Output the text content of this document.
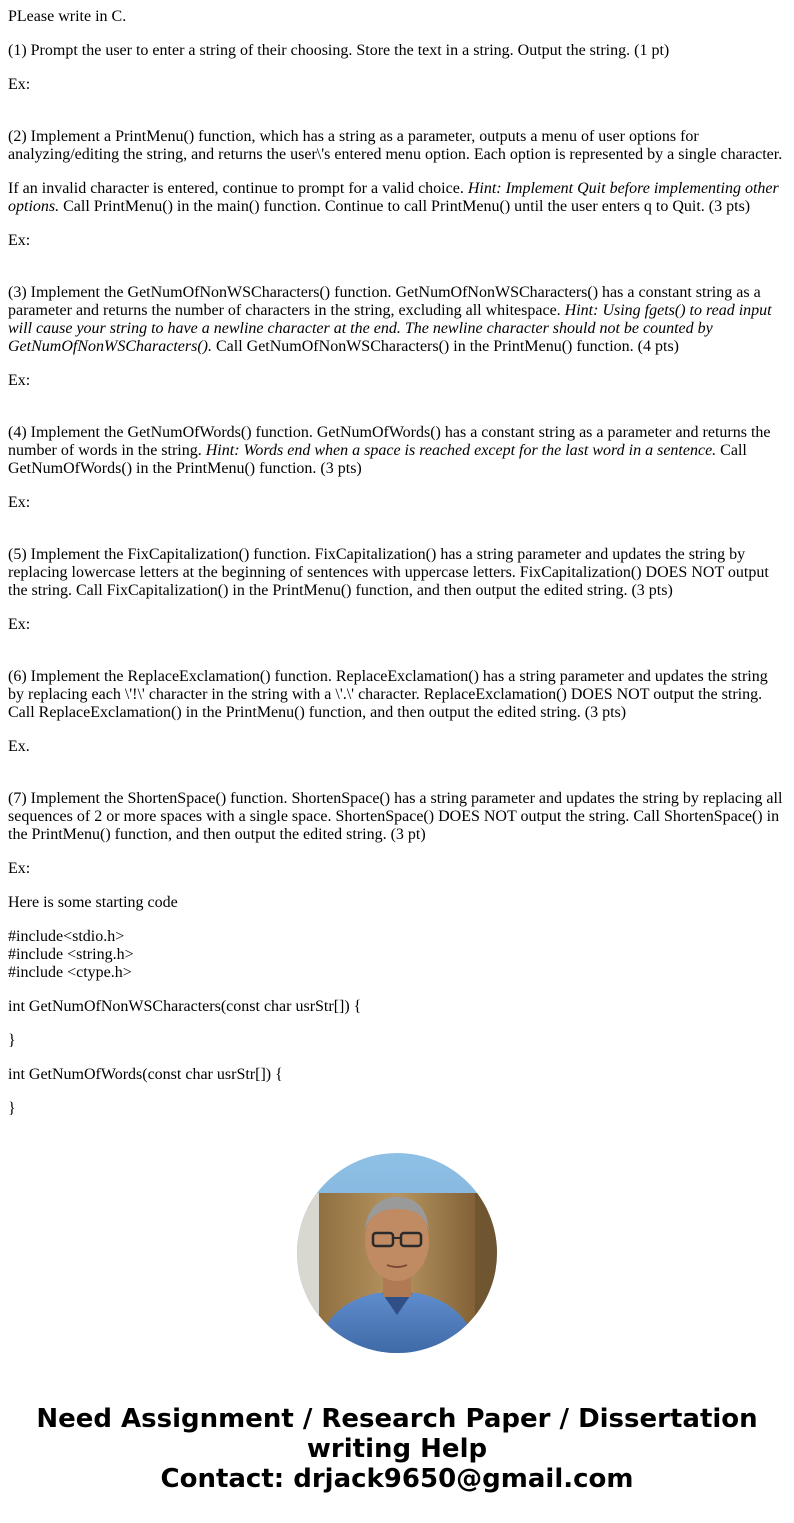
PLease write in C.

(1) Prompt the user to enter a string of their choosing. Store the text in a string. Output the string. (1 pt)

Ex:

(2) Implement a PrintMenu() function, which has a string as a parameter, outputs a menu of user options for analyzing/editing the string, and returns the user\'s entered menu option. Each option is represented by a single character.

If an invalid character is entered, continue to prompt for a valid choice. Hint: Implement Quit before implementing other options. Call PrintMenu() in the main() function. Continue to call PrintMenu() until the user enters q to Quit. (3 pts)

Ex:

(3) Implement the GetNumOfNonWSCharacters() function. GetNumOfNonWSCharacters() has a constant string as a parameter and returns the number of characters in the string, excluding all whitespace. Hint: Using fgets() to read input will cause your string to have a newline character at the end. The newline character should not be counted by GetNumOfNonWSCharacters(). Call GetNumOfNonWSCharacters() in the PrintMenu() function. (4 pts)

Ex:

(4) Implement the GetNumOfWords() function. GetNumOfWords() has a constant string as a parameter and returns the number of words in the string. Hint: Words end when a space is reached except for the last word in a sentence. Call GetNumOfWords() in the PrintMenu() function. (3 pts)

Ex:

(5) Implement the FixCapitalization() function. FixCapitalization() has a string parameter and updates the string by replacing lowercase letters at the beginning of sentences with uppercase letters. FixCapitalization() DOES NOT output the string. Call FixCapitalization() in the PrintMenu() function, and then output the edited string. (3 pts)

Ex:

(6) Implement the ReplaceExclamation() function. ReplaceExclamation() has a string parameter and updates the string by replacing each \'!\' character in the string with a \'.\' character. ReplaceExclamation() DOES NOT output the string. Call ReplaceExclamation() in the PrintMenu() function, and then output the edited string. (3 pts)

Ex.

(7) Implement the ShortenSpace() function. ShortenSpace() has a string parameter and updates the string by replacing all sequences of 2 or more spaces with a single space. ShortenSpace() DOES NOT output the string. Call ShortenSpace() in the PrintMenu() function, and then output the edited string. (3 pt)

Ex:

Here is some starting code

#include<stdio.h>
#include <string.h>
#include <ctype.h>

int GetNumOfNonWSCharacters(const char usrStr[]) {

}

int GetNumOfWords(const char usrStr[]) {

}

Need Assignment / Research Paper / Dissertation
writing Help
Contact: drjack9650@gmail.com
